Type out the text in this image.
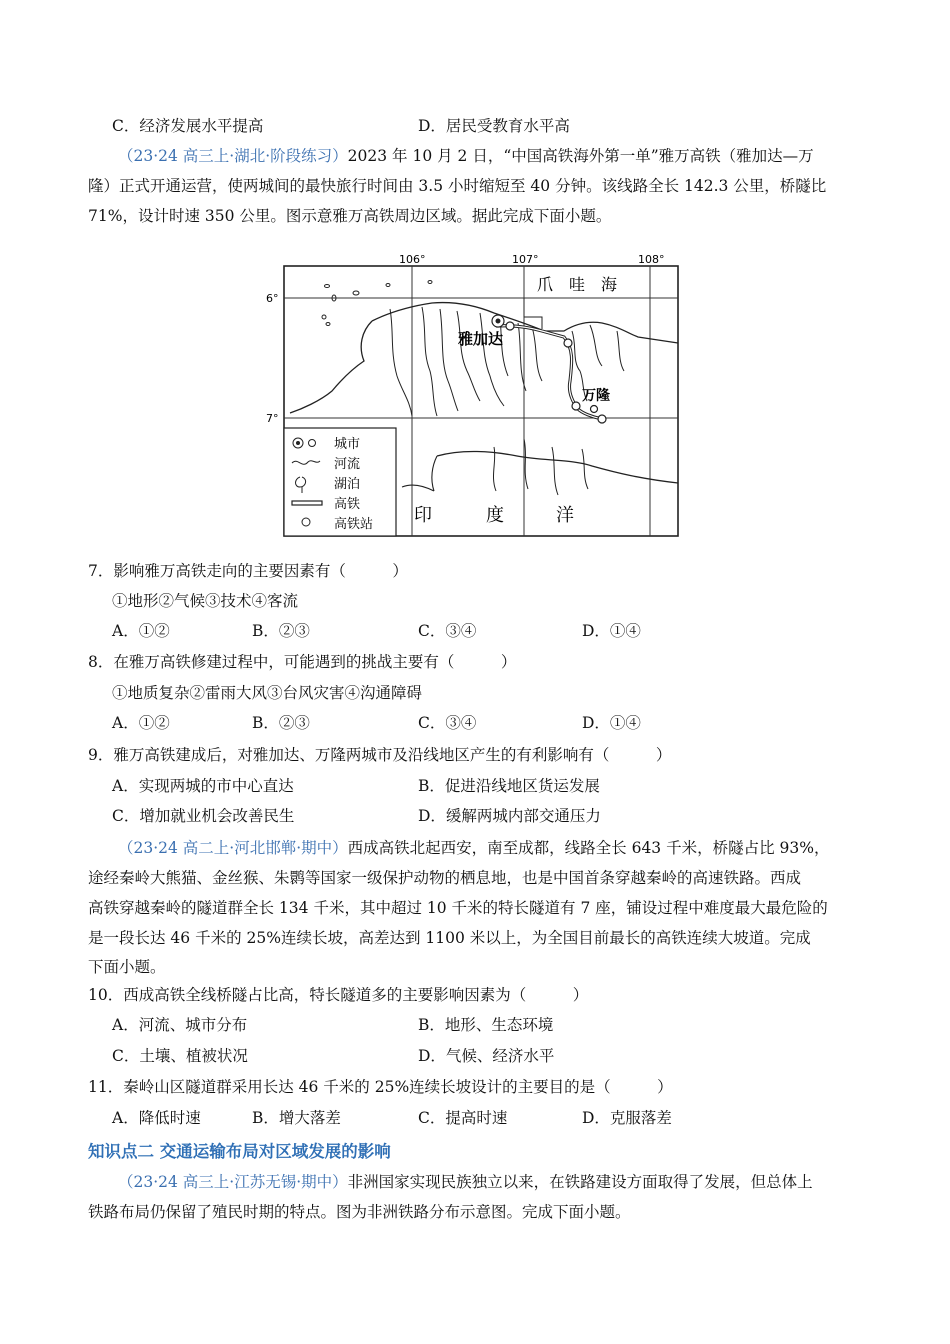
C．经济发展水平提高	D．居民受教育水平高
（23·24 高三上·湖北·阶段练习）2023 年 10 月 2 日，“中国高铁海外第一单”雅万高铁（雅加达—万
隆）正式开通运营，使两城间的最快旅行时间由 3.5 小时缩短至 40 分钟。该线路全长 142.3 公里，桥隧比
71%，设计时速 350 公里。图示意雅万高铁周边区域。据此完成下面小题。
106°	107°	108°
6°
7°
爪 哇 海
印	度	洋
雅加达
万隆
城市
河流
湖泊
高铁
高铁站
7．影响雅万高铁走向的主要因素有（　　　）
①地形②气候③技术④客流
A．①②	B．②③	C．③④	D．①④
8．在雅万高铁修建过程中，可能遇到的挑战主要有（　　　）
①地质复杂②雷雨大风③台风灾害④沟通障碍
A．①②	B．②③	C．③④	D．①④
9．雅万高铁建成后，对雅加达、万隆两城市及沿线地区产生的有利影响有（　　　）
A．实现两城的市中心直达	B．促进沿线地区货运发展
C．增加就业机会改善民生	D．缓解两城内部交通压力
（23·24 高二上·河北邯郸·期中）西成高铁北起西安，南至成都，线路全长 643 千米，桥隧占比 93%，
途经秦岭大熊猫、金丝猴、朱鹮等国家一级保护动物的栖息地，也是中国首条穿越秦岭的高速铁路。西成
高铁穿越秦岭的隧道群全长 134 千米，其中超过 10 千米的特长隧道有 7 座，铺设过程中难度最大最危险的
是一段长达 46 千米的 25%连续长坡，高差达到 1100 米以上，为全国目前最长的高铁连续大坡道。完成
下面小题。
10．西成高铁全线桥隧占比高，特长隧道多的主要影响因素为（　　　）
A．河流、城市分布	B．地形、生态环境
C．土壤、植被状况	D．气候、经济水平
11．秦岭山区隧道群采用长达 46 千米的 25%连续长坡设计的主要目的是（　　　）
A．降低时速	B．增大落差	C．提高时速	D．克服落差
知识点二 交通运输布局对区域发展的影响
（23·24 高三上·江苏无锡·期中）非洲国家实现民族独立以来，在铁路建设方面取得了发展，但总体上
铁路布局仍保留了殖民时期的特点。图为非洲铁路分布示意图。完成下面小题。
